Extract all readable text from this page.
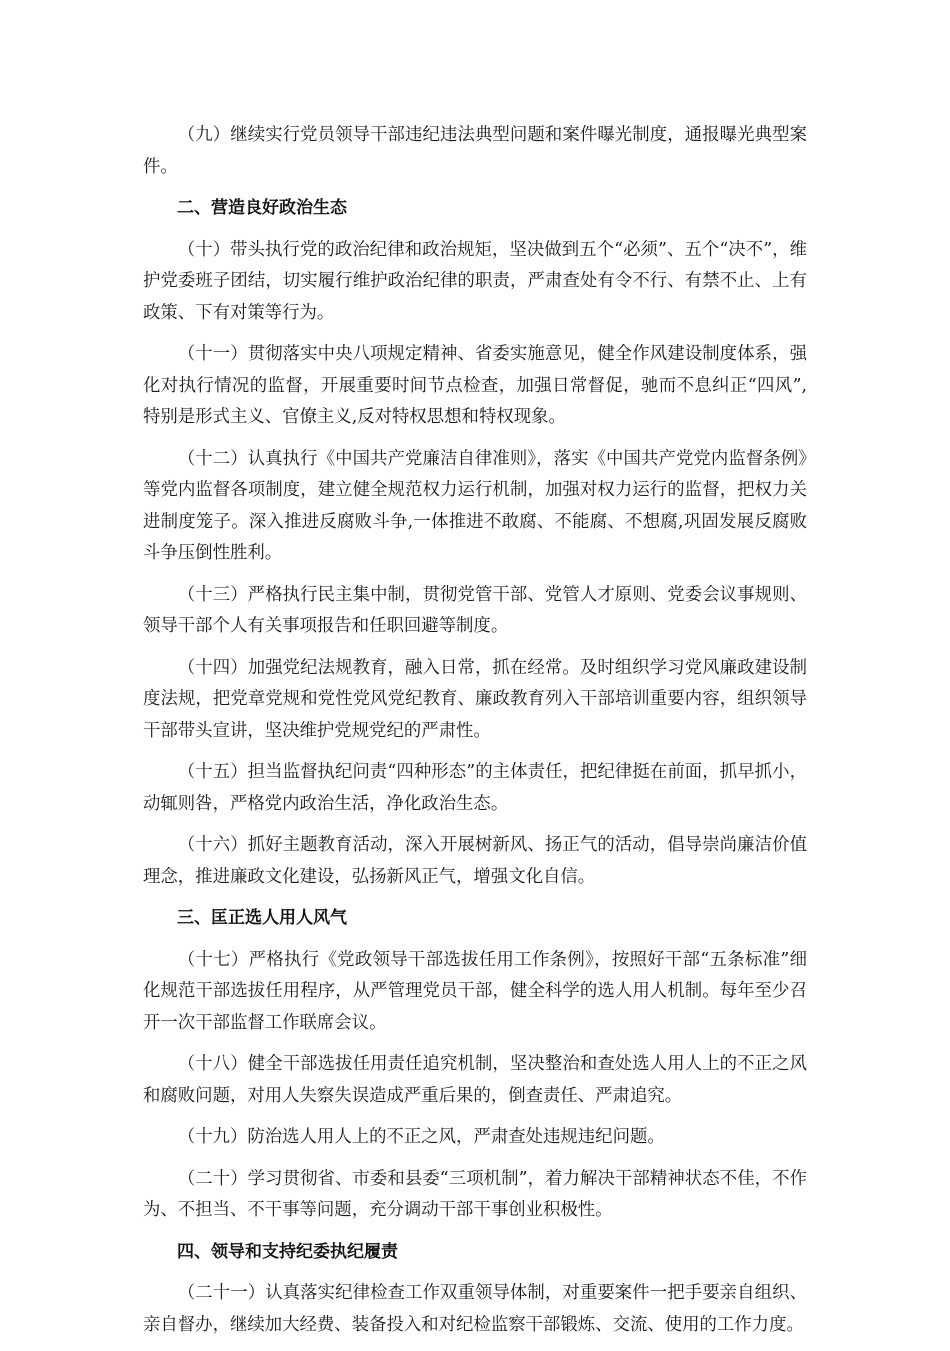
（九）继续实行党员领导干部违纪违法典型问题和案件曝光制度，通报曝光典型案件。

二、营造良好政治生态

（十）带头执行党的政治纪律和政治规矩，坚决做到五个“必须”、五个“决不”，维护党委班子团结，切实履行维护政治纪律的职责，严肃查处有令不行、有禁不止、上有政策、下有对策等行为。

（十一）贯彻落实中央八项规定精神、省委实施意见，健全作风建设制度体系，强化对执行情况的监督，开展重要时间节点检查，加强日常督促，驰而不息纠正“四风”,特别是形式主义、官僚主义,反对特权思想和特权现象。

（十二）认真执行《中国共产党廉洁自律准则》，落实《中国共产党党内监督条例》等党内监督各项制度，建立健全规范权力运行机制，加强对权力运行的监督，把权力关进制度笼子。深入推进反腐败斗争,一体推进不敢腐、不能腐、不想腐,巩固发展反腐败斗争压倒性胜利。

（十三）严格执行民主集中制，贯彻党管干部、党管人才原则、党委会议事规则、领导干部个人有关事项报告和任职回避等制度。

（十四）加强党纪法规教育，融入日常，抓在经常。及时组织学习党风廉政建设制度法规，把党章党规和党性党风党纪教育、廉政教育列入干部培训重要内容，组织领导干部带头宣讲，坚决维护党规党纪的严肃性。

（十五）担当监督执纪问责“四种形态”的主体责任，把纪律挺在前面，抓早抓小，动辄则咎，严格党内政治生活，净化政治生态。

（十六）抓好主题教育活动，深入开展树新风、扬正气的活动，倡导崇尚廉洁价值理念，推进廉政文化建设，弘扬新风正气，增强文化自信。

三、匡正选人用人风气

（十七）严格执行《党政领导干部选拔任用工作条例》，按照好干部“五条标准”细化规范干部选拔任用程序，从严管理党员干部，健全科学的选人用人机制。每年至少召开一次干部监督工作联席会议。

（十八）健全干部选拔任用责任追究机制，坚决整治和查处选人用人上的不正之风和腐败问题，对用人失察失误造成严重后果的，倒查责任、严肃追究。

（十九）防治选人用人上的不正之风，严肃查处违规违纪问题。

（二十）学习贯彻省、市委和县委“三项机制”，着力解决干部精神状态不佳，不作为、不担当、不干事等问题，充分调动干部干事创业积极性。

四、领导和支持纪委执纪履责

（二十一）认真落实纪律检查工作双重领导体制，对重要案件一把手要亲自组织、亲自督办，继续加大经费、装备投入和对纪检监察干部锻炼、交流、使用的工作力度。
